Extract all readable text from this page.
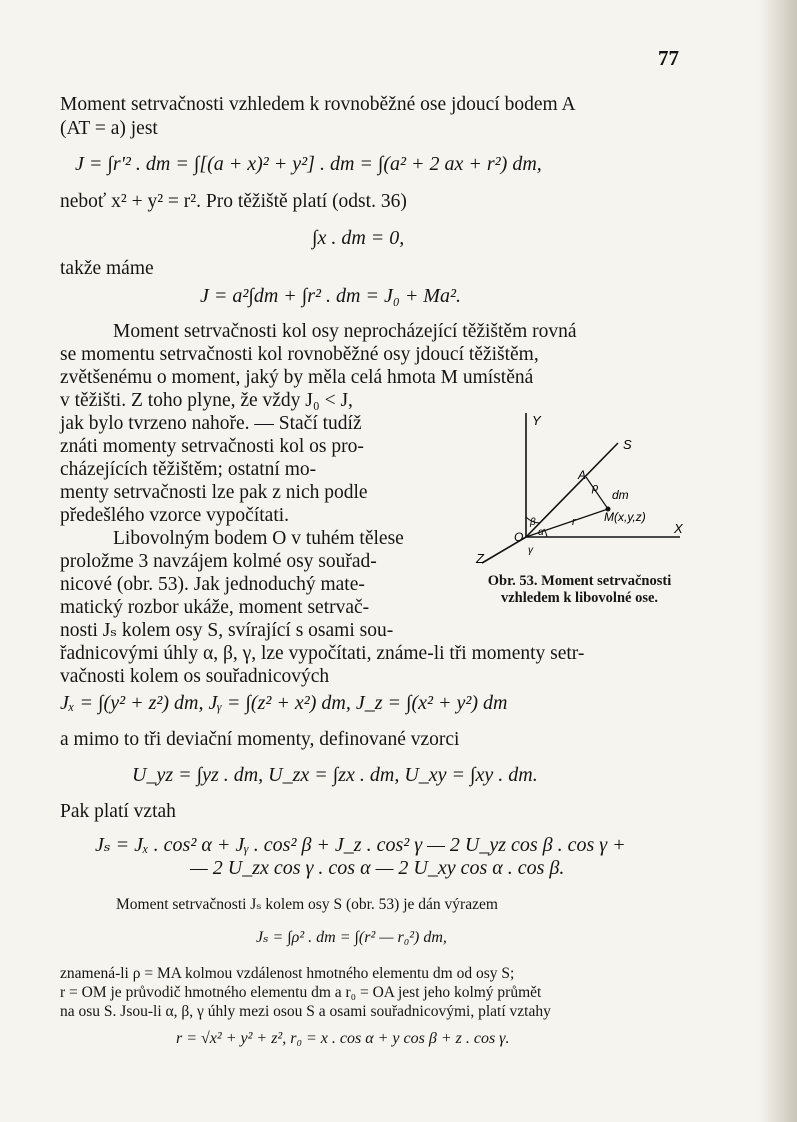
77
Moment setrvačnosti vzhledem k rovnoběžné ose jdoucí bodem A
(AT = a) jest
J = ∫r'² . dm = ∫[(a + x)² + y²] . dm = ∫(a² + 2 ax + r²) dm,
neboť x² + y² = r². Pro těžiště platí (odst. 36)
∫x . dm = 0,
takže máme
J = a²∫dm + ∫r² . dm = J₀ + Ma².
Moment setrvačnosti kol osy neprocházející těžištěm rovná
se momentu setrvačnosti kol rovnoběžné osy jdoucí těžištěm,
zvětšenému o moment, jaký by měla celá hmota M umístěná
v těžišti. Z toho plyne, že vždy J₀ < J,
jak bylo tvrzeno nahoře. — Stačí tudíž
znáti momenty setrvačnosti kol os pro-
cházejících těžištěm; ostatní mo-
menty setrvačnosti lze pak z nich podle
předešlého vzorce vypočítati.
Libovolným bodem O v tuhém tělese
proložme 3 navzájem kolmé osy souřad-
nicové (obr. 53). Jak jednoduchý mate-
matický rozbor ukáže, moment setrvač-
nosti Jₛ kolem osy S, svírající s osami sou-
řadnicovými úhly α, β, γ, lze vypočítati, známe-li tři momenty setr-
vačnosti kolem os souřadnicových
Y
S
A
dm
M(x,y,z)
O
X
Z
ρ
r
β
α
γ
Obr. 53. Moment setrvačnosti
vzhledem k libovolné ose.
Jₓ = ∫(y² + z²) dm, Jᵧ = ∫(z² + x²) dm, J_z = ∫(x² + y²) dm
a mimo to tři deviační momenty, definované vzorci
U_yz = ∫yz . dm, U_zx = ∫zx . dm, U_xy = ∫xy . dm.
Pak platí vztah
Jₛ = Jₓ . cos² α + Jᵧ . cos² β + J_z . cos² γ — 2 U_yz cos β . cos γ +
— 2 U_zx cos γ . cos α — 2 U_xy cos α . cos β.
Moment setrvačnosti Jₛ kolem osy S (obr. 53) je dán výrazem
Jₛ = ∫ρ² . dm = ∫(r² — r₀²) dm,
znamená-li ρ = MA kolmou vzdálenost hmotného elementu dm od osy S;
r = OM je průvodič hmotného elementu dm a r₀ = OA jest jeho kolmý průmět
na osu S. Jsou-li α, β, γ úhly mezi osou S a osami souřadnicovými, platí vztahy
r = √x² + y² + z², r₀ = x . cos α + y cos β + z . cos γ.
